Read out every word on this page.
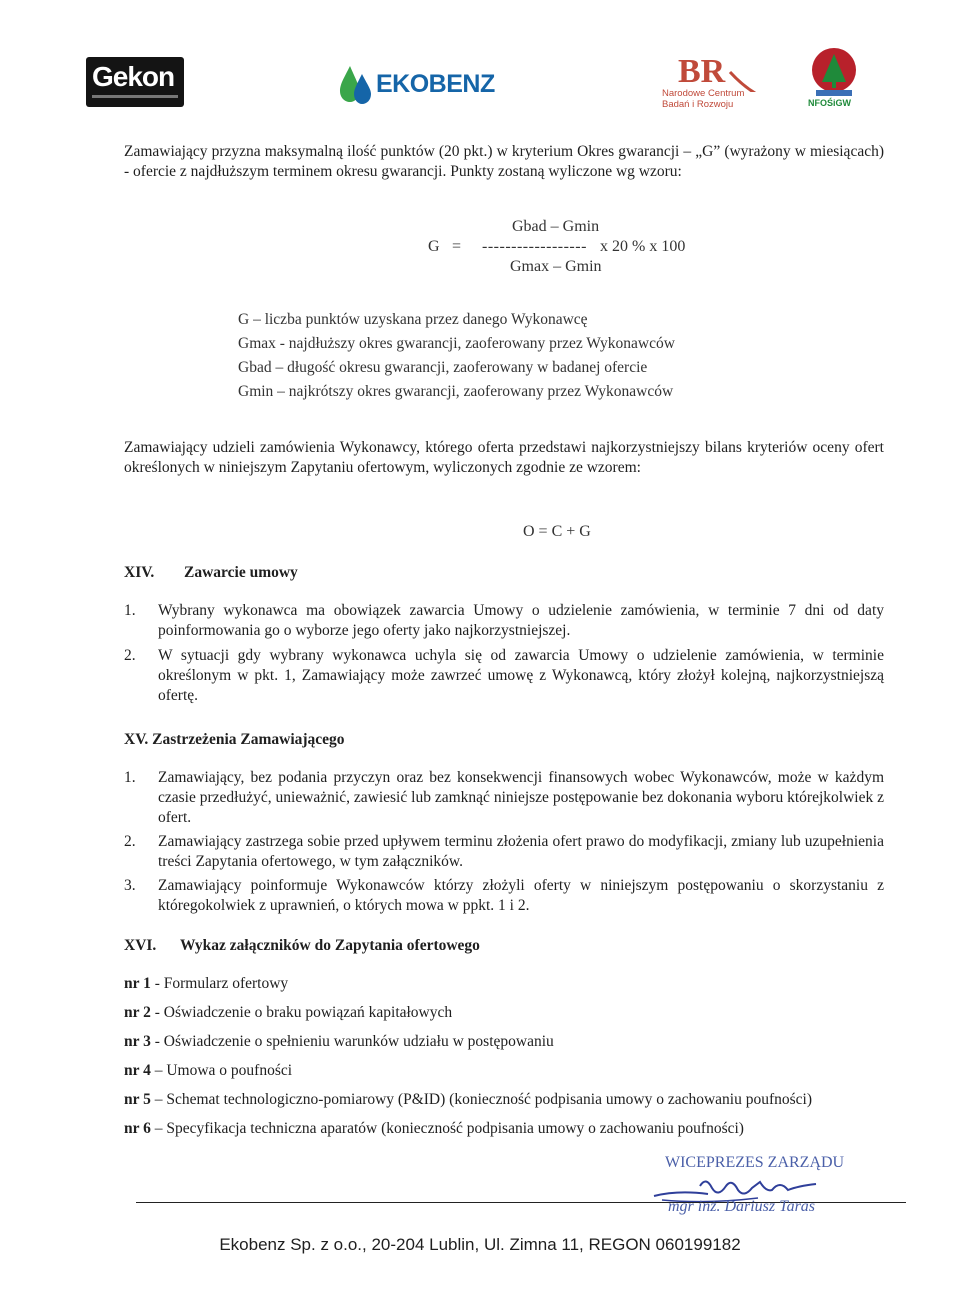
Gekon	EKOBENZ	BR
Narodowe Centrum
Badań i Rozwoju	NFOŚiGW
Zamawiający przyzna maksymalną ilość punktów (20 pkt.) w kryterium Okres gwarancji – „G” (wyrażony w miesiącach) - ofercie z najdłuższym terminem okresu gwarancji. Punkty zostaną wyliczone wg wzoru:
Gbad – Gmin
G = ------------------ x 20 % x 100
Gmax – Gmin
G – liczba punktów uzyskana przez danego Wykonawcę
Gmax - najdłuższy okres gwarancji, zaoferowany przez Wykonawców
Gbad – długość okresu gwarancji, zaoferowany w badanej ofercie
Gmin – najkrótszy okres gwarancji, zaoferowany przez Wykonawców
Zamawiający udzieli zamówienia Wykonawcy, którego oferta przedstawi najkorzystniejszy bilans kryteriów oceny ofert określonych w niniejszym Zapytaniu ofertowym, wyliczonych zgodnie ze wzorem:
O = C + G
XIV. Zawarcie umowy
1. Wybrany wykonawca ma obowiązek zawarcia Umowy o udzielenie zamówienia, w terminie 7 dni od daty poinformowania go o wyborze jego oferty jako najkorzystniejszej.
2. W sytuacji gdy wybrany wykonawca uchyla się od zawarcia Umowy o udzielenie zamówienia, w terminie określonym w pkt. 1, Zamawiający może zawrzeć umowę z Wykonawcą, który złożył kolejną, najkorzystniejszą ofertę.
XV. Zastrzeżenia Zamawiającego
1. Zamawiający, bez podania przyczyn oraz bez konsekwencji finansowych wobec Wykonawców, może w każdym czasie przedłużyć, unieważnić, zawiesić lub zamknąć niniejsze postępowanie bez dokonania wyboru którejkolwiek z ofert.
2. Zamawiający zastrzega sobie przed upływem terminu złożenia ofert prawo do modyfikacji, zmiany lub uzupełnienia treści Zapytania ofertowego, w tym załączników.
3. Zamawiający poinformuje Wykonawców którzy złożyli oferty w niniejszym postępowaniu o skorzystaniu z któregokolwiek z uprawnień, o których mowa w ppkt. 1 i 2.
XVI. Wykaz załączników do Zapytania ofertowego
nr 1 - Formularz ofertowy
nr 2 - Oświadczenie o braku powiązań kapitałowych
nr 3 - Oświadczenie o spełnieniu warunków udziału w postępowaniu
nr 4 – Umowa o poufności
nr 5 – Schemat technologiczno-pomiarowy (P&ID) (konieczność podpisania umowy o zachowaniu poufności)
nr 6 – Specyfikacja techniczna aparatów (konieczność podpisania umowy o zachowaniu poufności)
WICEPREZES ZARZĄDU
mgr inż. Dariusz Taras
Ekobenz Sp. z o.o., 20-204 Lublin, Ul. Zimna 11, REGON 060199182
